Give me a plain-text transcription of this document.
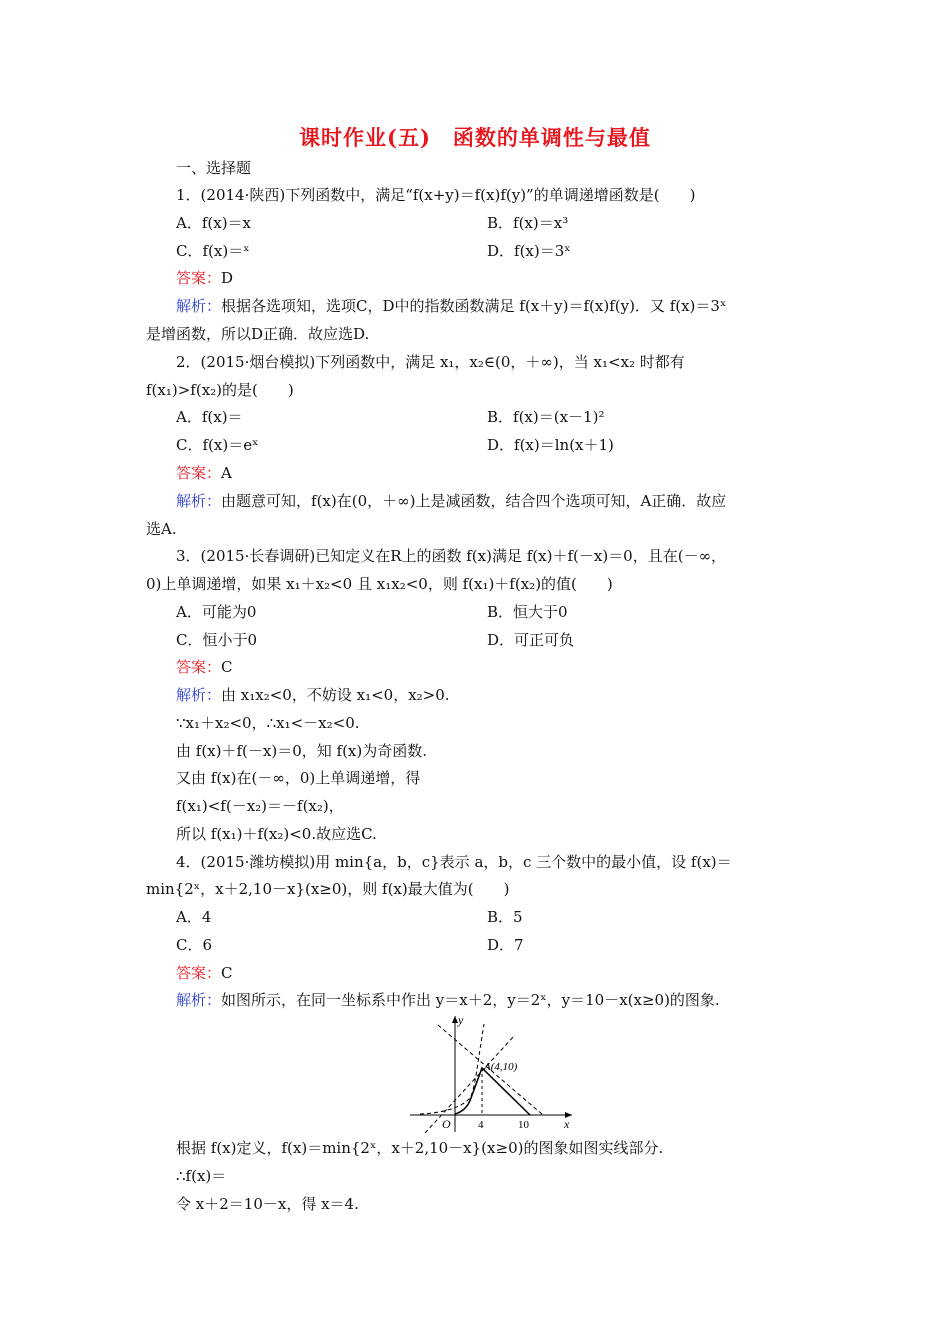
课时作业(五)　函数的单调性与最值
一、选择题
1．(2014·陕西)下列函数中，满足“f(x+y)＝f(x)f(y)”的单调递增函数是(　　)
A．f(x)＝x	B．f(x)＝x³
C．f(x)＝ˣ	D．f(x)＝3ˣ
答案：D
解析：根据各选项知，选项C，D中的指数函数满足 f(x＋y)＝f(x)f(y)．又 f(x)＝3ˣ
是增函数，所以D正确．故应选D.
2．(2015·烟台模拟)下列函数中，满足 x₁，x₂∈(0，＋∞)，当 x₁<x₂ 时都有
f(x₁)>f(x₂)的是(　　)
A．f(x)＝	B．f(x)＝(x－1)²
C．f(x)＝eˣ	D．f(x)＝ln(x＋1)
答案：A
解析：由题意可知，f(x)在(0，＋∞)上是减函数，结合四个选项可知，A正确．故应
选A.
3．(2015·长春调研)已知定义在R上的函数 f(x)满足 f(x)＋f(－x)＝0，且在(－∞，
0)上单调递增，如果 x₁＋x₂<0 且 x₁x₂<0，则 f(x₁)＋f(x₂)的值(　　)
A．可能为0	B．恒大于0
C．恒小于0	D．可正可负
答案：C
解析：由 x₁x₂<0，不妨设 x₁<0，x₂>0.
∵x₁＋x₂<0，∴x₁<－x₂<0.
由 f(x)＋f(－x)＝0，知 f(x)为奇函数.
又由 f(x)在(－∞，0)上单调递增，得
f(x₁)<f(－x₂)＝－f(x₂)，
所以 f(x₁)＋f(x₂)<0.故应选C.
4．(2015·潍坊模拟)用 min{a，b，c}表示 a，b，c 三个数中的最小值，设 f(x)＝
min{2ˣ，x＋2,10－x}(x≥0)，则 f(x)最大值为(　　)
A．4	B．5
C．6	D．7
答案：C
解析：如图所示，在同一坐标系中作出 y＝x＋2，y＝2ˣ，y＝10－x(x≥0)的图象.
y
x
O 4	10
A(4,10)
根据 f(x)定义，f(x)＝min{2ˣ，x＋2,10－x}(x≥0)的图象如图实线部分.
∴f(x)＝
令 x＋2＝10－x，得 x＝4.
